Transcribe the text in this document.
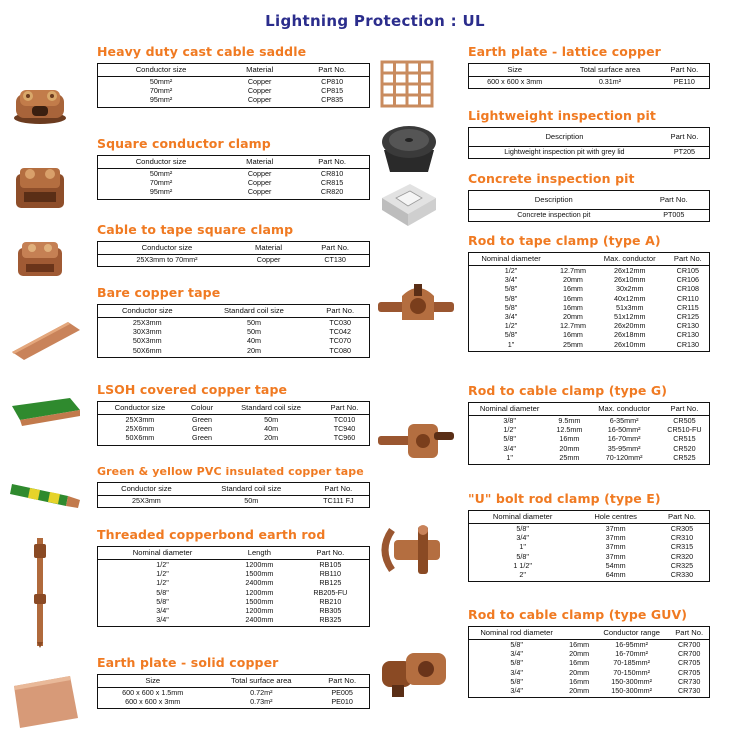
Lightning Protection : UL
Heavy duty cast cable saddle
Conductor size	Material	Part No.
50mm²	Copper	CP810
70mm²	Copper	CP815
95mm²	Copper	CP835
Square conductor clamp
Conductor size	Material	Part No.
50mm²	Copper	CR810
70mm²	Copper	CR815
95mm²	Copper	CR820
Cable to tape square clamp
Conductor size	Material	Part No.
25X3mm to 70mm²	Copper	CT130
Bare copper tape
Conductor size	Standard coil size	Part No.
25X3mm	50m	TC030
30X3mm	50m	TC042
50X3mm	40m	TC070
50X6mm	20m	TC080
LSOH covered copper tape
Conductor size	Colour	Standard coil size	Part No.
25X3mm	Green	50m	TC010
25X6mm	Green	40m	TC940
50X6mm	Green	20m	TC960
Green & yellow PVC insulated copper tape
Conductor size	Standard coil size	Part No.
25X3mm	50m	TC111 FJ
Threaded copperbond earth rod
Nominal diameter	Length	Part No.
1/2"	1200mm	RB105
1/2"	1500mm	RB110
1/2"	2400mm	RB125
5/8"	1200mm	RB205-FU
5/8"	1500mm	RB210
3/4"	1200mm	RB305
3/4"	2400mm	RB325
Earth plate - solid copper
Size	Total surface area	Part No.
600 x 600 x 1.5mm	0.72m²	PE005
600 x 600 x 3mm	0.73m²	PE010
Earth plate - lattice copper
Size	Total surface area	Part No.
600 x 600 x 3mm	0.31m²	PE110
Lightweight inspection pit
Description	Part No.
Lightweight inspection pit with grey lid	PT205
Concrete inspection pit
Description	Part No.
Concrete inspection pit	PT005
Rod to tape clamp (type A)
Nominal diameter		Max. conductor	Part No.
1/2"	12.7mm	26x12mm	CR105
3/4"	20mm	26x10mm	CR106
5/8"	16mm	30x2mm	CR108
5/8"	16mm	40x12mm	CR110
5/8"	16mm	51x3mm	CR115
3/4"	20mm	51x12mm	CR125
1/2"	12.7mm	26x20mm	CR130
5/8"	16mm	26x18mm	CR130
1"	25mm	26x10mm	CR130
Rod to cable clamp (type G)
Nominal diameter		Max. conductor	Part No.
3/8"	9.5mm	6-35mm²	CR505
1/2"	12.5mm	16-50mm²	CR510-FU
5/8"	16mm	16-70mm²	CR515
3/4"	20mm	35-95mm²	CR520
1"	25mm	70-120mm²	CR525
"U" bolt rod clamp (type E)
Nominal diameter	Hole centres	Part No.
5/8"	37mm	CR305
3/4"	37mm	CR310
1"	37mm	CR315
5/8"	37mm	CR320
1 1/2"	54mm	CR325
2"	64mm	CR330
Rod to cable clamp (type GUV)
Nominal rod diameter		Conductor range	Part No.
5/8"	16mm	16-95mm²	CR700
3/4"	20mm	16-70mm²	CR700
5/8"	16mm	70-185mm²	CR705
3/4"	20mm	70-150mm²	CR705
5/8"	16mm	150-300mm²	CR730
3/4"	20mm	150-300mm²	CR730
